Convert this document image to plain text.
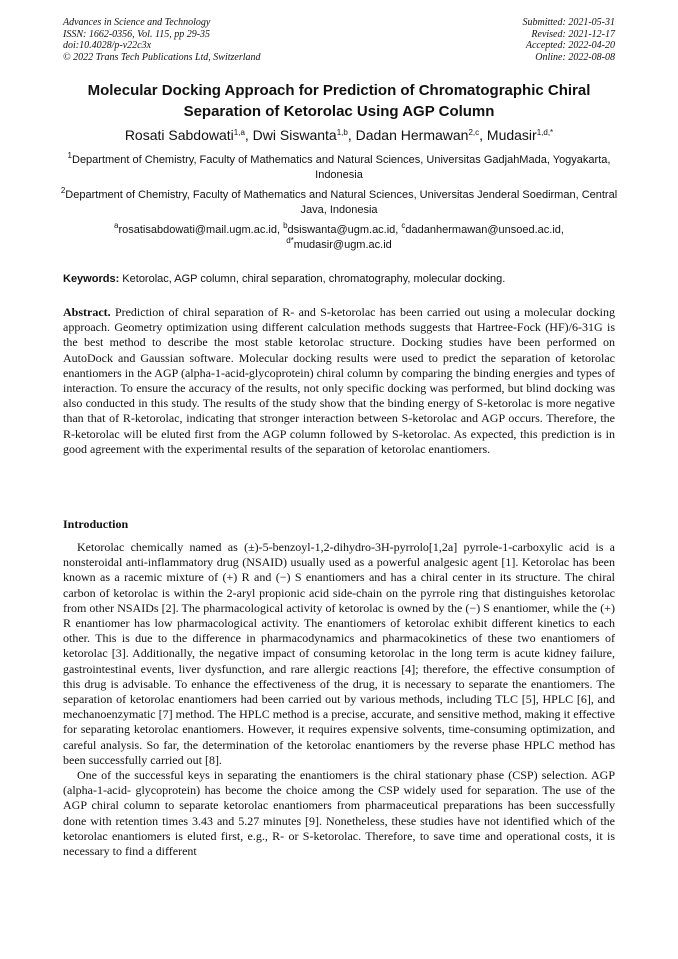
Advances in Science and Technology
ISSN: 1662-0356, Vol. 115, pp 29-35
doi:10.4028/p-v22c3x
© 2022 Trans Tech Publications Ltd, Switzerland
Submitted: 2021-05-31
Revised: 2021-12-17
Accepted: 2022-04-20
Online: 2022-08-08
Molecular Docking Approach for Prediction of Chromatographic Chiral Separation of Ketorolac Using AGP Column
Rosati Sabdowati$^{1,a}$, Dwi Siswanta$^{1,b}$, Dadan Hermawan$^{2,c}$, Mudasir$^{1,d,*}$
$^1$Department of Chemistry, Faculty of Mathematics and Natural Sciences, Universitas GadjahMada, Yogyakarta, Indonesia
$^2$Department of Chemistry, Faculty of Mathematics and Natural Sciences, Universitas Jenderal Soedirman, Central Java, Indonesia
$^a$rosatisabdowati@mail.ugm.ac.id, $^b$dsiswanta@ugm.ac.id, $^c$dadanhermawan@unsoed.ac.id,
$^{d*}$mudasir@ugm.ac.id
Keywords: Ketorolac, AGP column, chiral separation, chromatography, molecular docking.
Abstract. Prediction of chiral separation of R- and S-ketorolac has been carried out using a molecular docking approach. Geometry optimization using different calculation methods suggests that Hartree-Fock (HF)/6-31G is the best method to describe the most stable ketorolac structure. Docking studies have been performed on AutoDock and Gaussian software. Molecular docking results were used to predict the separation of ketorolac enantiomers in the AGP (alpha-1-acid-glycoprotein) chiral column by comparing the binding energies and types of interaction. To ensure the accuracy of the results, not only specific docking was performed, but blind docking was also conducted in this study. The results of the study show that the binding energy of S-ketorolac is more negative than that of R-ketorolac, indicating that stronger interaction between S-ketorolac and AGP occurs. Therefore, the R-ketorolac will be eluted first from the AGP column followed by S-ketorolac. As expected, this prediction is in good agreement with the experimental results of the separation of ketorolac enantiomers.
Introduction

Ketorolac chemically named as (±)-5-benzoyl-1,2-dihydro-3H-pyrrolo[1,2a] pyrrole-1-carboxylic acid is a nonsteroidal anti-inflammatory drug (NSAID) usually used as a powerful analgesic agent [1]. Ketorolac has been known as a racemic mixture of (+) R and (−) S enantiomers and has a chiral center in its structure. The chiral carbon of ketorolac is within the 2-aryl propionic acid side-chain on the pyrrole ring that distinguishes ketorolac from other NSAIDs [2]. The pharmacological activity of ketorolac is owned by the (−) S enantiomer, while the (+) R enantiomer has low pharmacological activity. The enantiomers of ketorolac exhibit different kinetics to each other. This is due to the difference in pharmacodynamics and pharmacokinetics of these two enantiomers of ketorolac [3]. Additionally, the negative impact of consuming ketorolac in the long term is acute kidney failure, gastrointestinal events, liver dysfunction, and rare allergic reactions [4]; therefore, the effective consumption of this drug is advisable. To enhance the effectiveness of the drug, it is necessary to separate the enantiomers. The separation of ketorolac enantiomers had been carried out by various methods, including TLC [5], HPLC [6], and mechanoenzymatic [7] method. The HPLC method is a precise, accurate, and sensitive method, making it effective for separating ketorolac enantiomers. However, it requires expensive solvents, time-consuming optimization, and careful analysis. So far, the determination of the ketorolac enantiomers by the reverse phase HPLC method has been successfully carried out [8].

One of the successful keys in separating the enantiomers is the chiral stationary phase (CSP) selection. AGP (alpha-1-acid- glycoprotein) has become the choice among the CSP widely used for separation. The use of the AGP chiral column to separate ketorolac enantiomers from pharmaceutical preparations has been successfully done with retention times 3.43 and 5.27 minutes [9]. Nonetheless, these studies have not identified which of the ketorolac enantiomers is eluted first, e.g., R- or S-ketorolac. Therefore, to save time and operational costs, it is necessary to find a different
